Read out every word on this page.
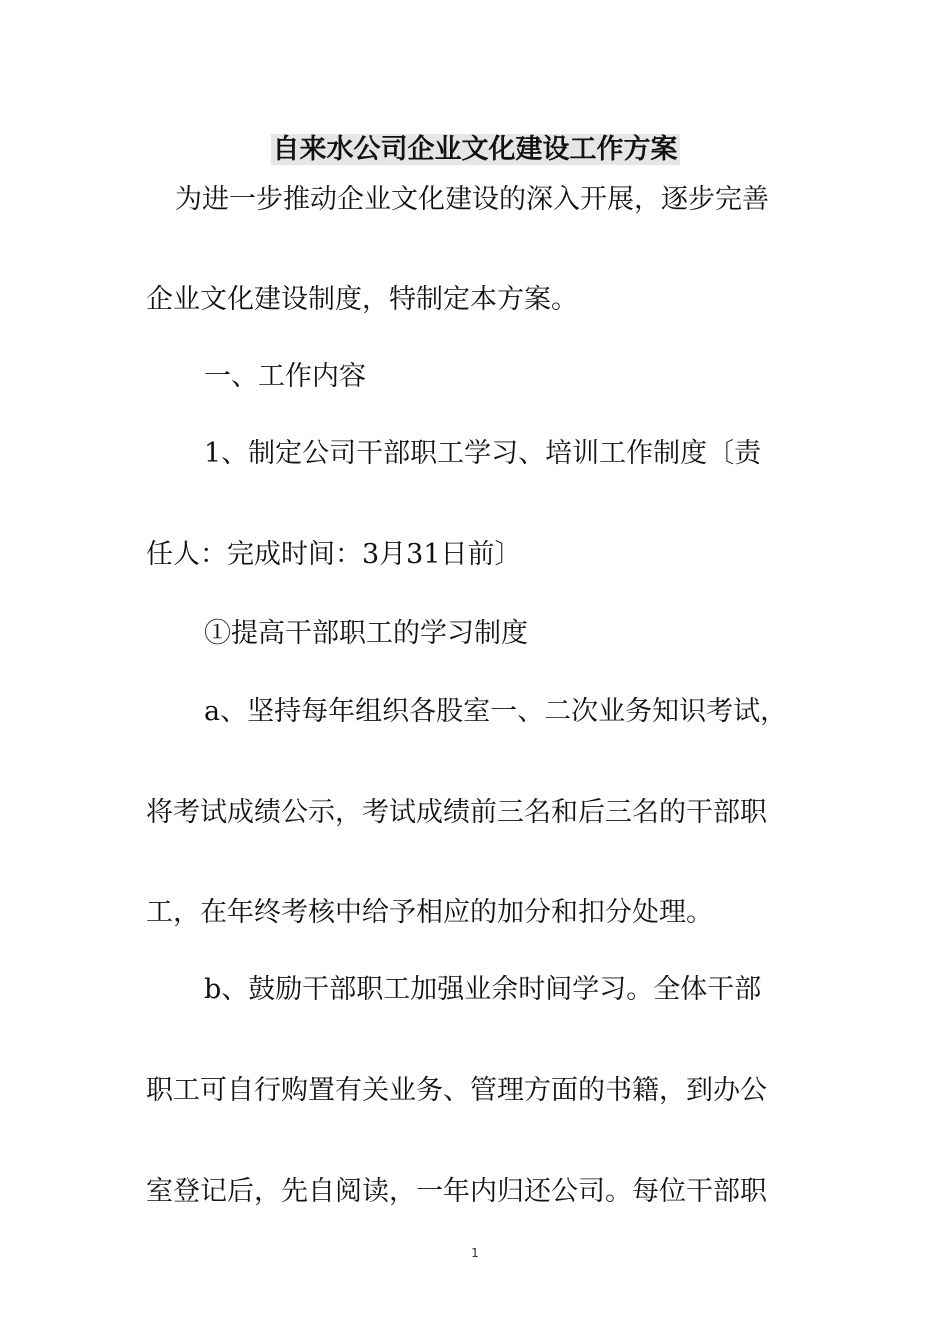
自来水公司企业文化建设工作方案
为进一步推动企业文化建设的深入开展，逐步完善
企业文化建设制度，特制定本方案。
一、工作内容
1、制定公司干部职工学习、培训工作制度〔责
任人：完成时间：3月31日前〕
①提高干部职工的学习制度
a、坚持每年组织各股室一、二次业务知识考试，
将考试成绩公示，考试成绩前三名和后三名的干部职
工，在年终考核中给予相应的加分和扣分处理。
b、鼓励干部职工加强业余时间学习。全体干部
职工可自行购置有关业务、管理方面的书籍，到办公
室登记后，先自阅读，一年内归还公司。每位干部职
1
